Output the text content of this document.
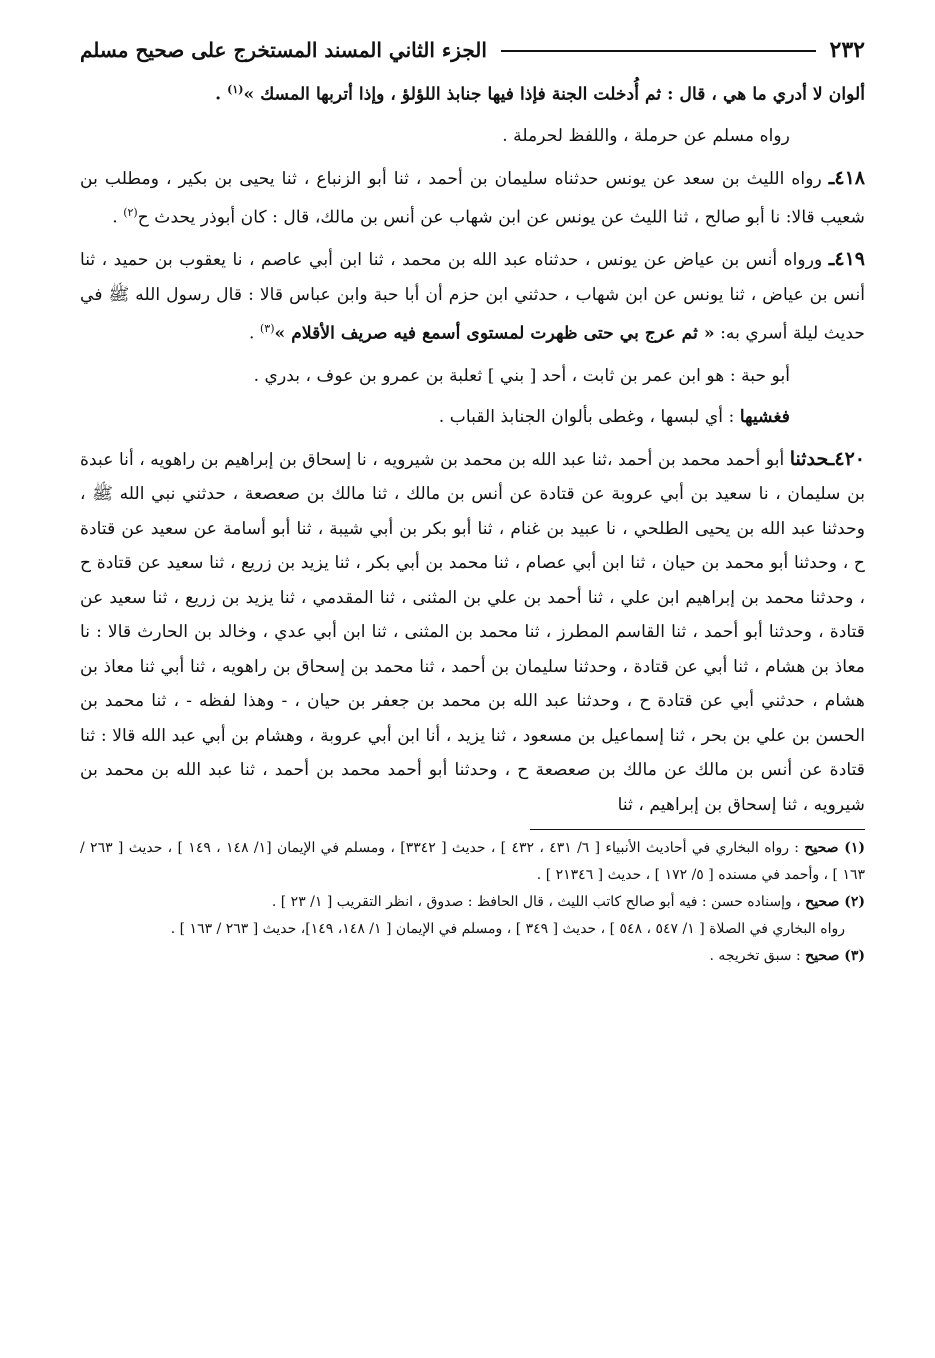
٢٣٢
الجزء الثاني المسند المستخرج على صحيح مسلم

ألوان لا أدري ما هي ، قال : ثم أُدخلت الجنة فإذا فيها جنابذ اللؤلؤ ، وإذا أتربها المسك »$^{(١)}$ .

رواه مسلم عن حرملة ، واللفظ لحرملة .

٤١٨ـ رواه الليث بن سعد عن يونس حدثناه سليمان بن أحمد ، ثنا أبو الزنباع ، ثنا يحيى بن بكير ، ومطلب بن شعيب قالا: نا أبو صالح ، ثنا الليث عن يونس عن ابن شهاب عن أنس بن مالك، قال : كان أبوذر يحدث ح$^{(٢)}$ .

٤١٩ـ ورواه أنس بن عياض عن يونس ، حدثناه عبد الله بن محمد ، ثنا ابن أبي عاصم ، نا يعقوب بن حميد ، ثنا أنس بن عياض ، ثنا يونس عن ابن شهاب ، حدثني ابن حزم أن أبا حبة وابن عباس قالا : قال رسول الله ﷺ في حديث ليلة أسري به: « ثم عرج بي حتى ظهرت لمستوى أسمع فيه صريف الأقلام »$^{(٣)}$ .

أبو حبة : هو ابن عمر بن ثابت ، أحد [ بني ] ثعلبة بن عمرو بن عوف ، بدري .

فغشيها : أي لبسها ، وغطى بألوان الجنابذ القباب .

٤٢٠ـحدثنا أبو أحمد محمد بن أحمد ،ثنا عبد الله بن محمد بن شيرويه ، نا إسحاق بن إبراهيم بن راهويه ، أنا عبدة بن سليمان ، نا سعيد بن أبي عروبة عن قتادة عن أنس بن مالك ، ثنا مالك بن صعصعة ، حدثني نبي الله ﷺ ، وحدثنا عبد الله بن يحيى الطلحي ، نا عبيد بن غنام ، ثنا أبو بكر بن أبي شيبة ، ثنا أبو أسامة عن سعيد عن قتادة ح ، وحدثنا أبو محمد بن حيان ، ثنا ابن أبي عصام ، ثنا محمد بن أبي بكر ، ثنا يزيد بن زريع ، ثنا سعيد عن قتادة ح ، وحدثنا محمد بن إبراهيم ابن علي ، ثنا أحمد بن علي بن المثنى ، ثنا المقدمي ، ثنا يزيد بن زريع ، ثنا سعيد عن قتادة ، وحدثنا أبو أحمد ، ثنا القاسم المطرز ، ثنا محمد بن المثنى ، ثنا ابن أبي عدي ، وخالد بن الحارث قالا : نا معاذ بن هشام ، ثنا أبي عن قتادة ، وحدثنا سليمان بن أحمد ، ثنا محمد بن إسحاق بن راهويه ، ثنا أبي ثنا معاذ بن هشام ، حدثني أبي عن قتادة ح ، وحدثنا عبد الله بن محمد بن جعفر بن حيان ، - وهذا لفظه - ، ثنا محمد بن الحسن بن علي بن بحر ، ثنا إسماعيل بن مسعود ، ثنا يزيد ، أنا ابن أبي عروبة ، وهشام بن أبي عبد الله قالا : ثنا قتادة عن أنس بن مالك عن مالك بن صعصعة ح ، وحدثنا أبو أحمد محمد بن أحمد ، ثنا عبد الله بن محمد بن شيرويه ، ثنا إسحاق بن إبراهيم ، ثنا

(١) صحيح : رواه البخاري في أحاديث الأنبياء [ ٦/ ٤٣١ ، ٤٣٢ ] ، حديث [ ٣٣٤٢] ، ومسلم في الإيمان [١/ ١٤٨ ، ١٤٩ ] ، حديث [ ٢٦٣ / ١٦٣ ] ، وأحمد في مسنده [ ٥/ ١٧٢ ] ، حديث [ ٢١٣٤٦ ] .

(٢) صحيح ، وإسناده حسن : فيه أبو صالح كاتب الليث ، قال الحافظ : صدوق ، انظر التقريب [ ١/ ٢٣ ] .

رواه البخاري في الصلاة [ ١/ ٥٤٧ ، ٥٤٨ ] ، حديث [ ٣٤٩ ] ، ومسلم في الإيمان [ ١/ ١٤٨، ١٤٩]، حديث [ ٢٦٣ / ١٦٣ ] .

(٣) صحيح : سبق تخريجه .
